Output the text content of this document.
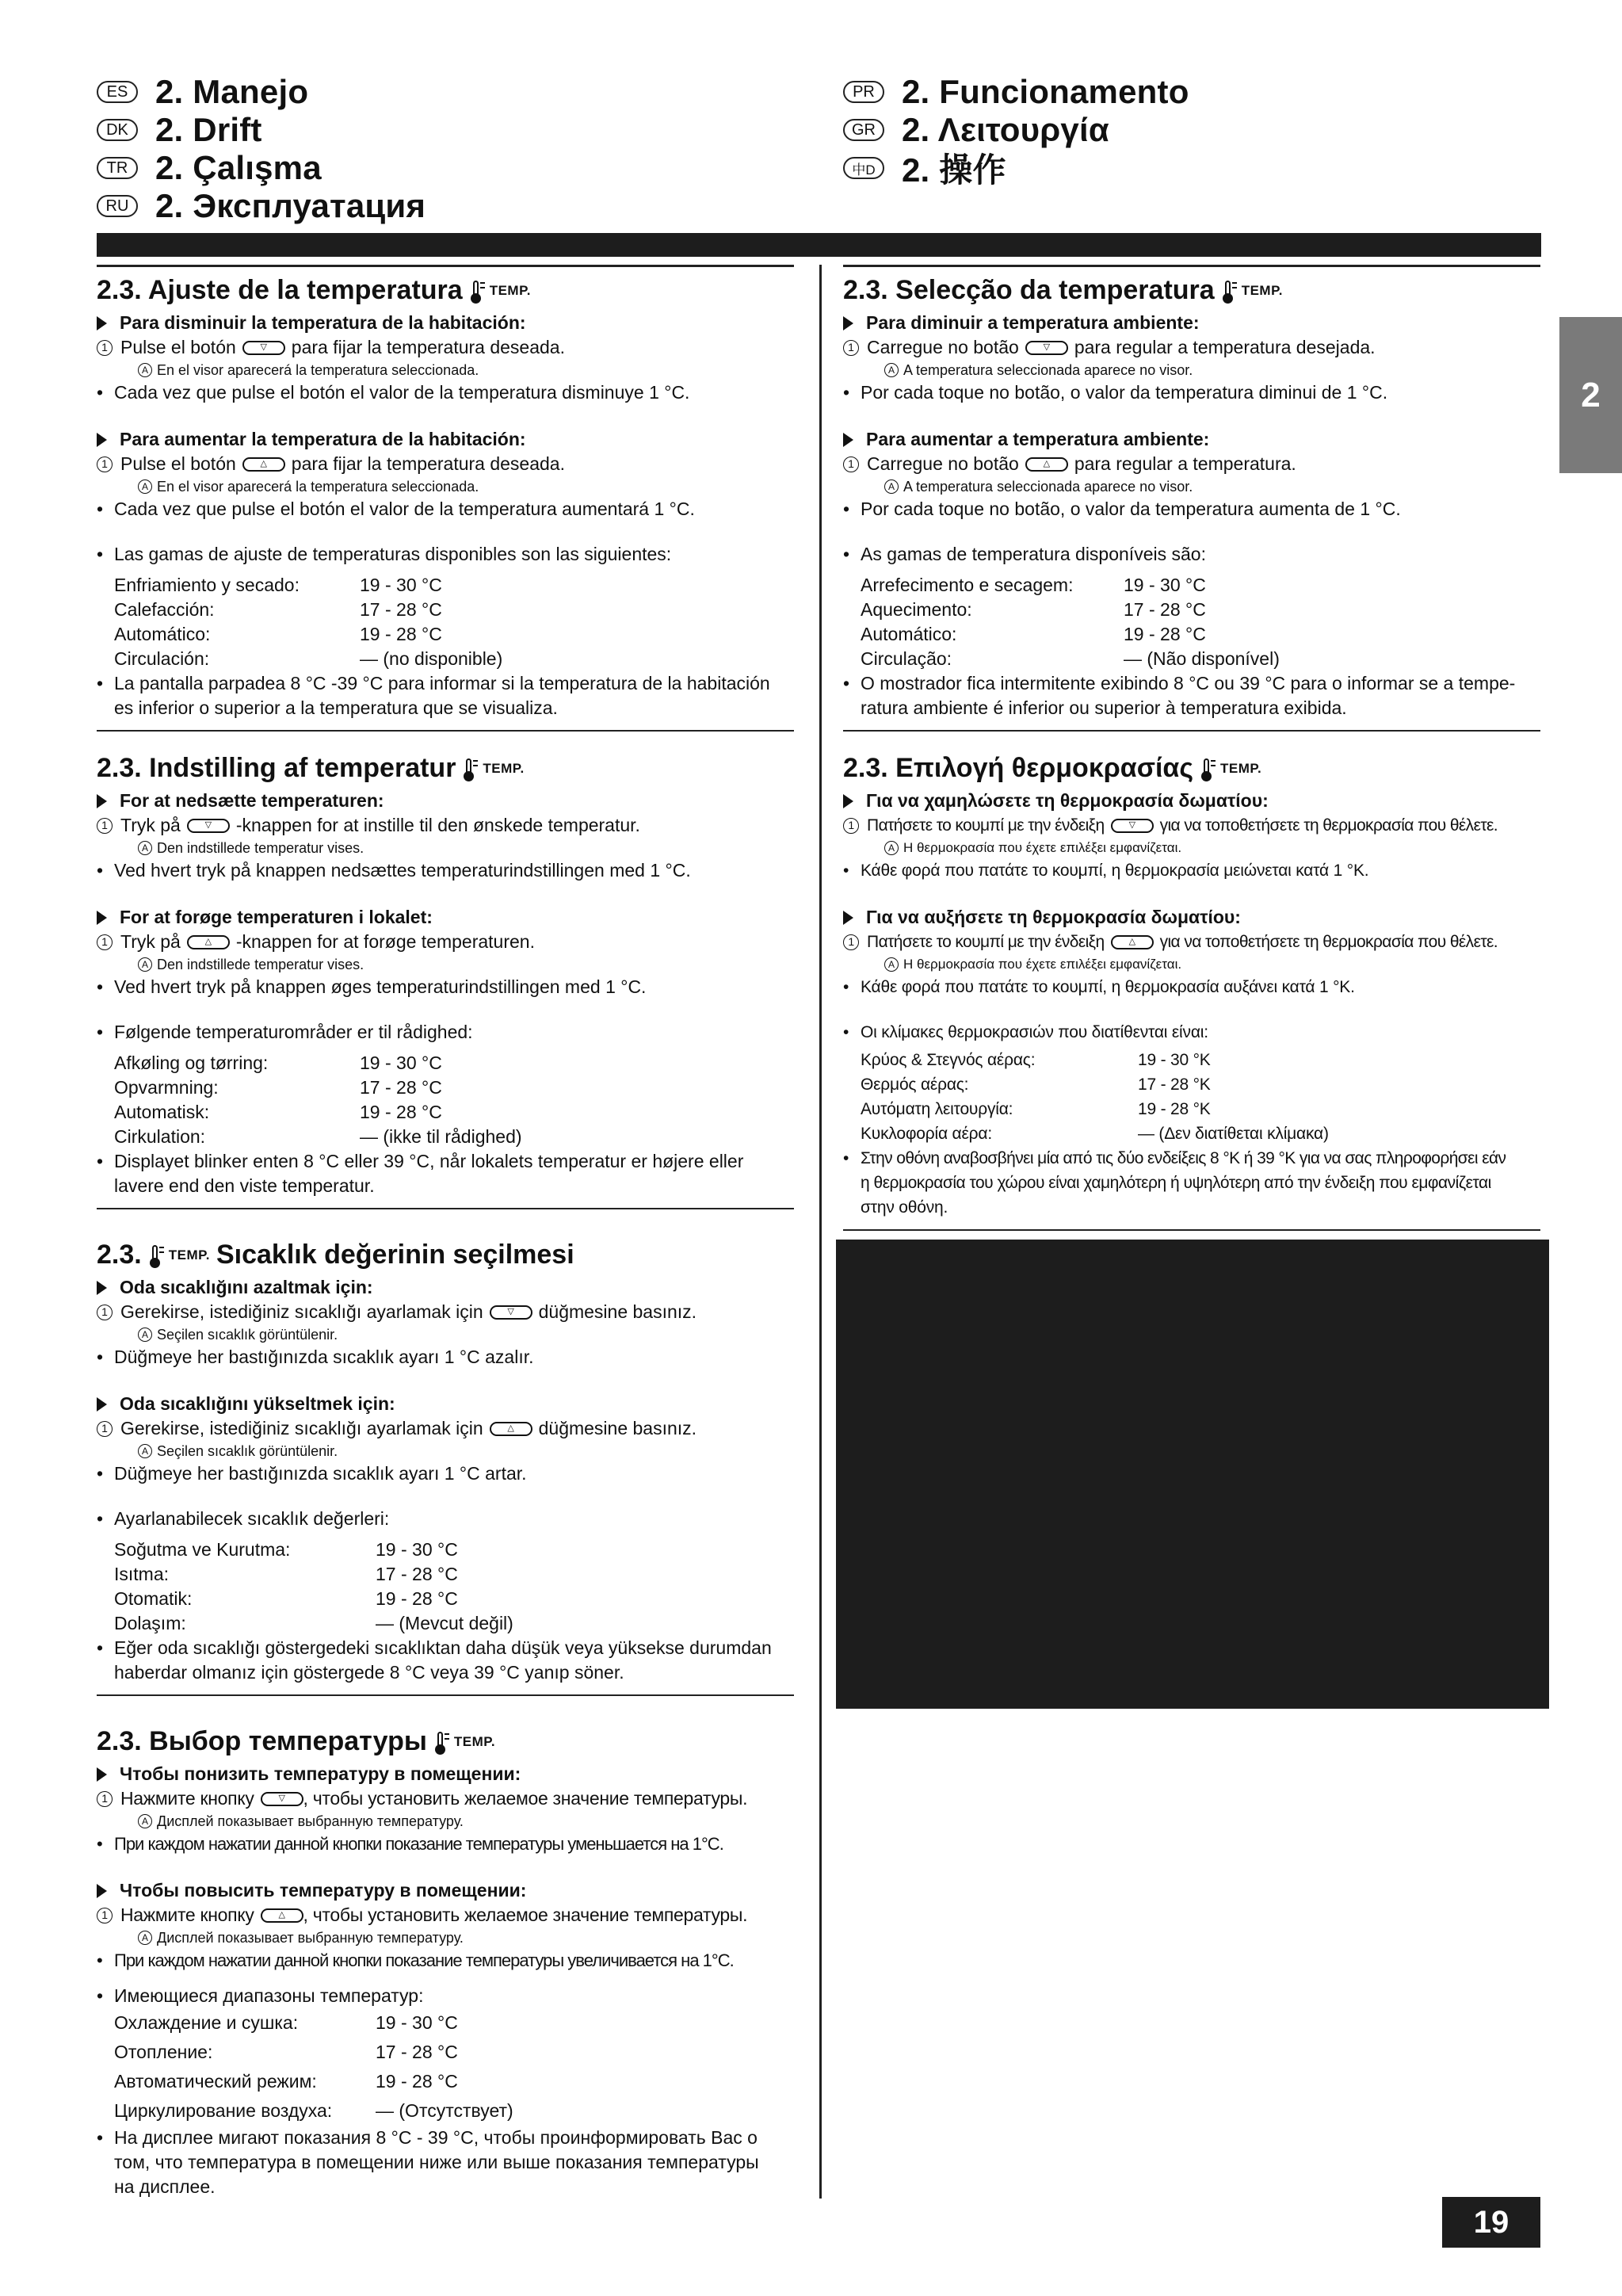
ES 2. Manejo
DK 2. Drift
TR 2. Çalışma
RU 2. Эксплуатация
PR 2. Funcionamento
GR 2. Λειτουργία
中D 2. 操作
2
19
2.3. Ajuste de la temperatura TEMP.
Para disminuir la temperatura de la habitación:
1 Pulse el botón	▽	para fijar la temperatura deseada.
A En el visor aparecerá la temperatura seleccionada.
• Cada vez que pulse el botón el valor de la temperatura disminuye 1 °C.
Para aumentar la temperatura de la habitación:
1 Pulse el botón	△	para fijar la temperatura deseada.
A En el visor aparecerá la temperatura seleccionada.
• Cada vez que pulse el botón el valor de la temperatura aumentará 1 °C.
• Las gamas de ajuste de temperaturas disponibles son las siguientes:
Enfriamiento y secado:	19 - 30 °C
Calefacción:	17 - 28 °C
Automático:	19 - 28 °C
Circulación:	— (no disponible)
• La pantalla parpadea 8 °C -39 °C para informar si la temperatura de la habitación
es inferior o superior a la temperatura que se visualiza.
2.3. Indstilling af temperatur TEMP.
For at nedsætte temperaturen:
1 Tryk på	▽	-knappen for at instille til den ønskede temperatur.
A Den indstillede temperatur vises.
• Ved hvert tryk på knappen nedsættes temperaturindstillingen med 1 °C.
For at forøge temperaturen i lokalet:
1 Tryk på	△	-knappen for at forøge temperaturen.
A Den indstillede temperatur vises.
• Ved hvert tryk på knappen øges temperaturindstillingen med 1 °C.
• Følgende temperaturområder er til rådighed:
Afkøling og tørring:	19 - 30 °C
Opvarmning:	17 - 28 °C
Automatisk:	19 - 28 °C
Cirkulation:	— (ikke til rådighed)
• Displayet blinker enten 8 °C eller 39 °C, når lokalets temperatur er højere eller
lavere end den viste temperatur.
2.3. TEMP. Sıcaklık değerinin seçilmesi
Oda sıcaklığını azaltmak için:
1 Gerekirse, istediğiniz sıcaklığı ayarlamak için	▽	düğmesine basınız.
A Seçilen sıcaklık görüntülenir.
• Düğmeye her bastığınızda sıcaklık ayarı 1 °C azalır.
Oda sıcaklığını yükseltmek için:
1 Gerekirse, istediğiniz sıcaklığı ayarlamak için	△	düğmesine basınız.
A Seçilen sıcaklık görüntülenir.
• Düğmeye her bastığınızda sıcaklık ayarı 1 °C artar.
• Ayarlanabilecek sıcaklık değerleri:
Soğutma ve Kurutma:	19 - 30 °C
Isıtma:	17 - 28 °C
Otomatik:	19 - 28 °C
Dolaşım:	— (Mevcut değil)
• Eğer oda sıcaklığı göstergedeki sıcaklıktan daha düşük veya yüksekse durumdan
haberdar olmanız için göstergede 8 °C veya 39 °C yanıp söner.
2.3. Выбор температуры TEMP.
Чтобы понизить температуру в помещении:
1 Нажмите кнопку	▽ , чтобы установить желаемое значение температуры.
A Дисплей показывает выбранную температуру.
• При каждом нажатии данной кнопки показание температуры уменьшается на 1°C.
Чтобы повысить температуру в помещении:
1 Нажмите кнопку	△ , чтобы установить желаемое значение температуры.
A Дисплей показывает выбранную температуру.
• При каждом нажатии данной кнопки показание температуры увеличивается на 1°C.
• Имеющиеся диапазоны температур:
Охлаждение и сушка:	19 - 30 °C
Отопление:	17 - 28 °C
Автоматический режим:	19 - 28 °C
Циркулирование воздуха:	— (Отсутствует)
• На дисплее мигают показания 8 °C - 39 °C, чтобы проинформировать Вас о
том, что температура в помещении ниже или выше показания температуры
на дисплее.
2.3. Selecção da temperatura TEMP.
Para diminuir a temperatura ambiente:
1 Carregue no botão	▽	para regular a temperatura desejada.
A A temperatura seleccionada aparece no visor.
• Por cada toque no botão, o valor da temperatura diminui de 1 °C.
Para aumentar a temperatura ambiente:
1 Carregue no botão	△	para regular a temperatura.
A A temperatura seleccionada aparece no visor.
• Por cada toque no botão, o valor da temperatura aumenta de 1 °C.
• As gamas de temperatura disponíveis são:
Arrefecimento e secagem:	19 - 30 °C
Aquecimento:	17 - 28 °C
Automático:	19 - 28 °C
Circulação:	— (Não disponível)
• O mostrador fica intermitente exibindo 8 °C ou 39 °C para o informar se a tempe-
ratura ambiente é inferior ou superior à temperatura exibida.
2.3. Επιλογή θερμοκρασίας TEMP.
Για να χαμηλώσετε τη θερμοκρασία δωματίου:
1 Πατήσετε το κουμπί με την ένδειξη	▽	για να τοποθετήσετε τη θερμοκρασία που θέλετε.
A Η θερμοκρασία που έχετε επιλέξει εμφανίζεται.
• Κάθε φορά που πατάτε το κουμπί, η θερμοκρασία μειώνεται κατά 1 °K.
Για να αυξήσετε τη θερμοκρασία δωματίου:
1 Πατήσετε το κουμπί με την ένδειξη	△	για να τοποθετήσετε τη θερμοκρασία που θέλετε.
A Η θερμοκρασία που έχετε επιλέξει εμφανίζεται.
• Κάθε φορά που πατάτε το κουμπί, η θερμοκρασία αυξάνει κατά 1 °K.
• Οι κλίμακες θερμοκρασιών που διατίθενται είναι:
Κρύος & Στεγνός αέρας:	19 - 30 °K
Θερμός αέρας:	17 - 28 °K
Αυτόματη λειτουργία:	19 - 28 °K
Κυκλοφορία αέρα:	— (Δεν διατίθεται κλίμακα)
• Στην οθόνη αναβοσβήνει μία από τις δύο ενδείξεις 8 °K ή 39 °K για να σας πληροφορήσει εάν
η θερμοκρασία του χώρου είναι χαμηλότερη ή υψηλότερη από την ένδειξη που εμφανίζεται
στην οθόνη.
